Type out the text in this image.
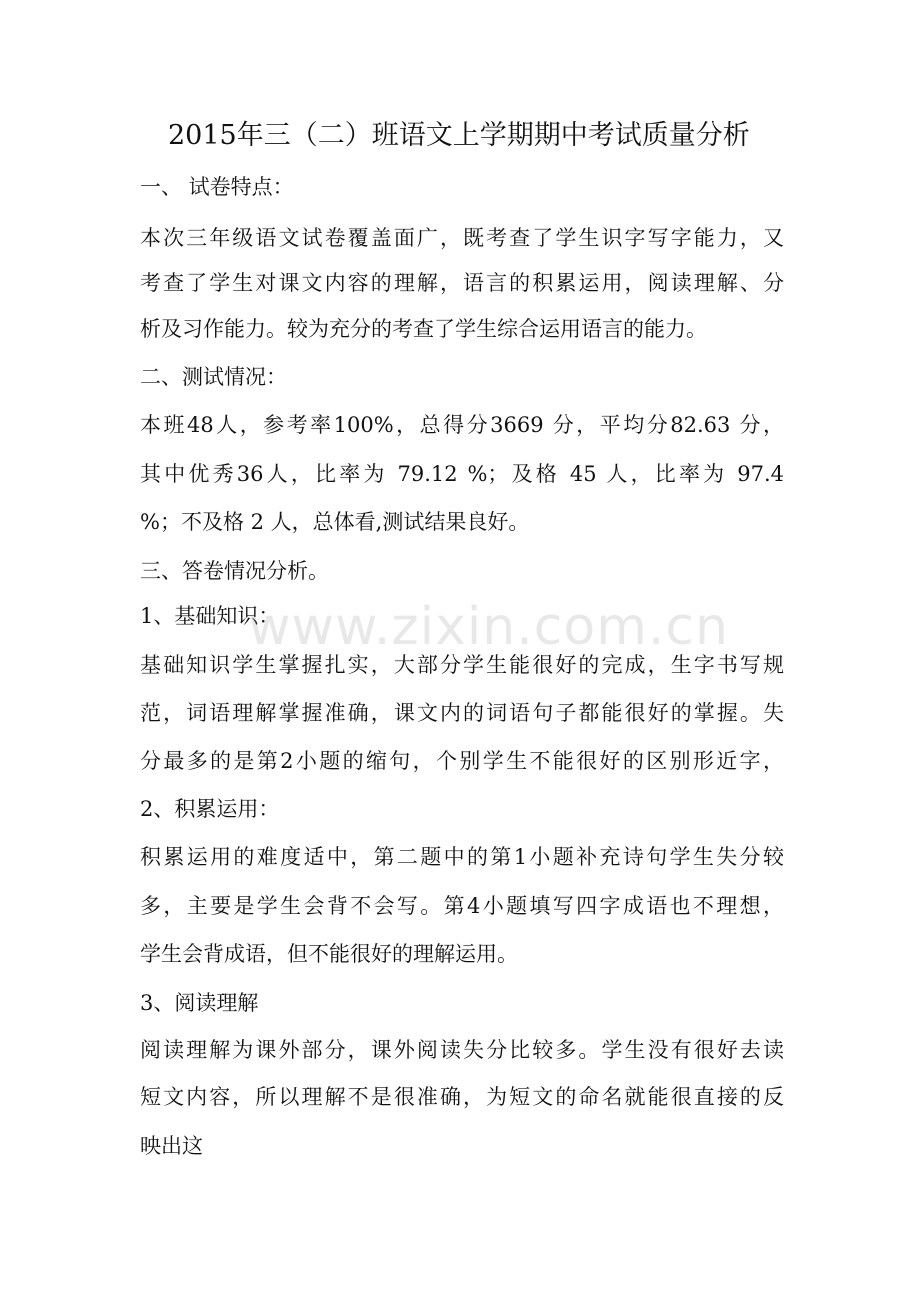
2015年三（二）班语文上学期期中考试质量分析
一、 试卷特点：
本次三年级语文试卷覆盖面广，既考查了学生识字写字能力，又
考查了学生对课文内容的理解，语言的积累运用，阅读理解、分
析及习作能力。较为充分的考查了学生综合运用语言的能力。
二、测试情况：
本班48人，参考率100%，总得分3669 分，平均分82.63 分，
其中优秀36人，比率为 79.12 %；及格 45 人，比率为 97.4
%；不及格 2 人，总体看,测试结果良好。
三、答卷情况分析。
1、基础知识：
基础知识学生掌握扎实，大部分学生能很好的完成，生字书写规
范，词语理解掌握准确，课文内的词语句子都能很好的掌握。失
分最多的是第2小题的缩句，个别学生不能很好的区别形近字，
2、积累运用：
积累运用的难度适中，第二题中的第1小题补充诗句学生失分较
多，主要是学生会背不会写。第4小题填写四字成语也不理想，
学生会背成语，但不能很好的理解运用。
3、阅读理解
阅读理解为课外部分，课外阅读失分比较多。学生没有很好去读
短文内容，所以理解不是很准确，为短文的命名就能很直接的反
映出这
www.zixin.com.cn
